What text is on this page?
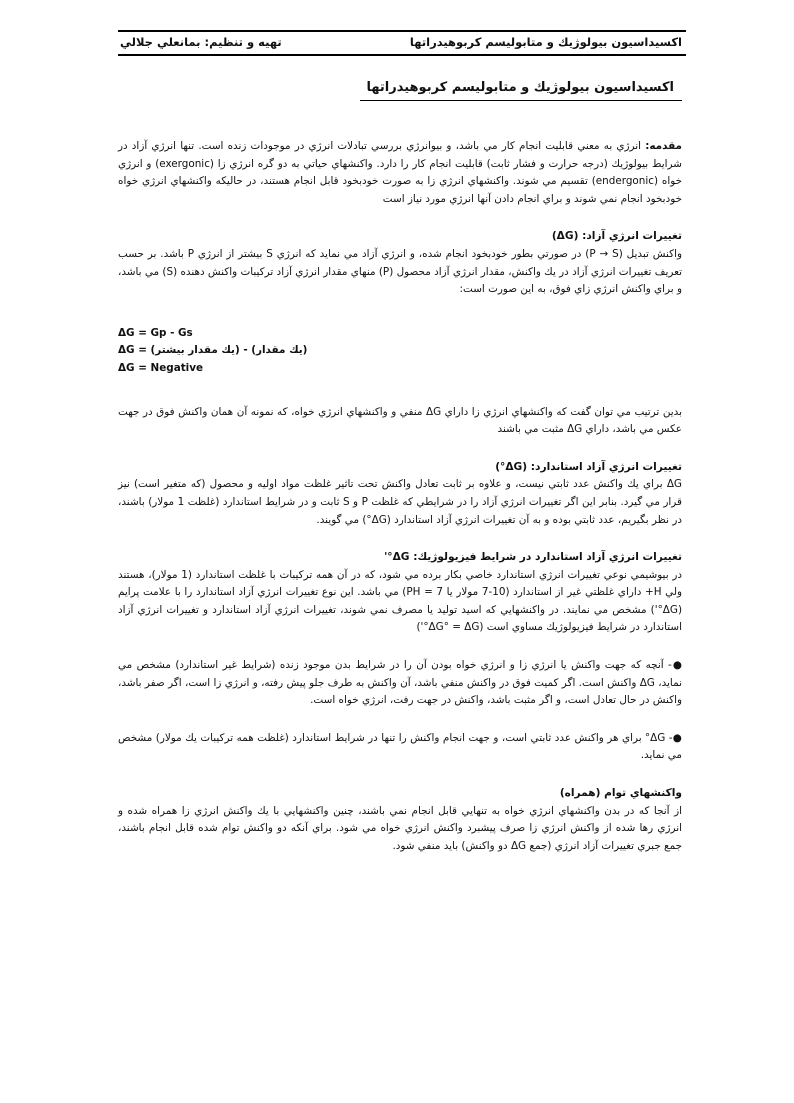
اكسيداسيون بيولوژيك و متابوليسم كربوهيدراتها
تهيه و تنظيم: بمانعلي جلالي
اكسيداسيون بيولوژيك و متابوليسم كربوهيدراتها

مقدمه: انرژي به معني قابليت انجام كار مي باشد، و بيوانرژي بررسي تبادلات انرژي در موجودات زنده است. تنها انرژي آزاد در شرايط بيولوژيك (درجه حرارت و فشار ثابت) قابليت انجام كار را دارد. واكنشهاي حياتي به دو گره انرژي زا (exergonic) و انرژي خواه (endergonic) تقسيم مي شوند. واكنشهاي انرژي زا به صورت خودبخود قابل انجام هستند، در حاليكه واكنشهاي انرژي خواه خودبخود انجام نمي شوند و براي انجام دادن آنها انرژي مورد نياز است

تغييرات انرژي آزاد: (ΔG)

واكنش تبديل (P → S) در صورتي بطور خودبخود انجام شده، و انرژي آزاد مي نمايد كه انرژي S بيشتر از انرژي P باشد. بر حسب تعريف تغييرات انرژي آزاد در يك واكنش، مقدار انرژي آزاد محصول (P) منهاي مقدار انرژي آزاد تركيبات واكنش دهنده (S) مي باشد، و براي واكنش انرژي زاي فوق، به اين صورت است:

ΔG = Gp - Gs

ΔG = (يك مقدار بيشتر) - (يك مقدار)

ΔG = Negative

بدين ترتيب مي توان گفت كه واكنشهاي انرژي زا داراي ΔG منفي و واكنشهاي انرژي خواه، كه نمونه آن همان واكنش فوق در جهت عكس مي باشد، داراي ΔG مثبت مي باشند

تغييرات انرژي آزاد استاندارد: (ΔG°)

ΔG براي يك واكنش عدد ثابتي نيست، و علاوه بر ثابت تعادل واكنش تحت تاثير غلظت مواد اوليه و محصول (كه متغير است) نيز قرار مي گيرد. بنابر اين اگر تغييرات انرژي آزاد را در شرايطي كه غلظت P و S ثابت و در شرايط استاندارد (غلظت 1 مولار) باشند، در نظر بگيريم، عدد ثابتي بوده و به آن تغييرات انرژي آزاد استاندارد (ΔG°) مي گويند.

تغييرات انرژي آزاد استاندارد در شرايط فيزيولوژيك: ΔG°'

در بيوشيمي نوعي تغييرات انرژي استاندارد خاصي بكار برده مي شود، كه در آن همه تركيبات با غلظت استاندارد (1 مولار)، هستند ولي H+ داراي غلظتي غير از استاندارد (10-7 مولار يا PH = 7) مي باشد. اين نوع تغييرات انرژي آزاد استاندارد را با علامت پرايم (ΔG°') مشخص مي نمايند. در واكنشهايي كه اسيد توليد يا مصرف نمي شوند، تغييرات انرژي آزاد استاندارد و تغييرات انرژي آزاد استاندارد در شرايط فيزيولوژيك مساوي است (ΔG° = ΔG°')

●- آنچه كه جهت واكنش يا انرژي زا و انرژي خواه بودن آن را در شرايط بدن موجود زنده (شرايط غير استاندارد) مشخص مي نمايد، ΔG واكنش است. اگر كميت فوق در واكنش منفي باشد، آن واكنش به طرف جلو پيش رفته، و انرژي زا است، اگر صفر باشد، واكنش در حال تعادل است، و اگر مثبت باشد، واكنش در جهت رفت، انرژي خواه است.

●- ΔG° براي هر واكنش عدد ثابتي است، و جهت انجام واكنش را تنها در شرايط استاندارد (غلظت همه تركيبات يك مولار) مشخص مي نمايد.

واكنشهاي توام (همراه)

از آنجا كه در بدن واكنشهاي انرژي خواه به تنهايي قابل انجام نمي باشند، چنين واكنشهايي با يك واكنش انرژي زا همراه شده و انرژي رها شده از واكنش انرژي زا صرف پيشبرد واكنش انرژي خواه مي شود. براي آنكه دو واكنش توام شده قابل انجام باشند، جمع جبري تغييرات آزاد انرژي (جمع ΔG دو واكنش) بايد منفي شود.
